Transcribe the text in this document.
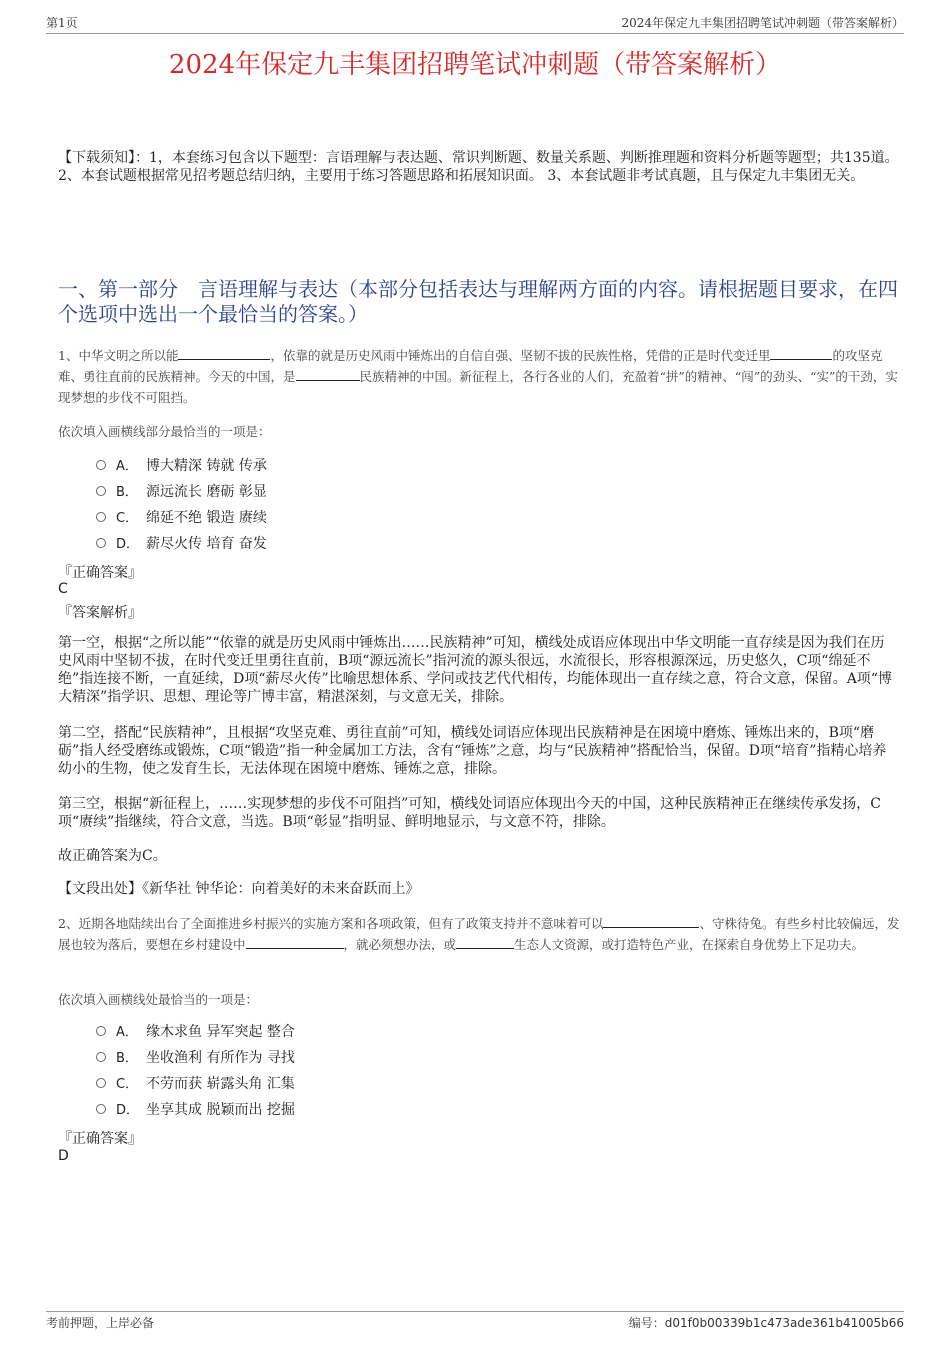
第1页	2024年保定九丰集团招聘笔试冲刺题（带答案解析）
2024年保定九丰集团招聘笔试冲刺题（带答案解析）
【下载须知】：1，本套练习包含以下题型：言语理解与表达题、常识判断题、数量关系题、判断推理题和资料分析题等题型；共135道。 2、本套试题根据常见招考题总结归纳，主要用于练习答题思路和拓展知识面。 3、本套试题非考试真题，且与保定九丰集团无关。
一、第一部分　言语理解与表达（本部分包括表达与理解两方面的内容。请根据题目要求，在四个选项中选出一个最恰当的答案。）
1、中华文明之所以能	，依靠的就是历史风雨中锤炼出的自信自强、坚韧不拔的民族性格，凭借的正是时代变迁里	的攻坚克难、勇往直前的民族精神。今天的中国，是	民族精神的中国。新征程上，各行各业的人们，充盈着“拼”的精神、“闯”的劲头、“实”的干劲，实现梦想的步伐不可阻挡。
依次填入画横线部分最恰当的一项是：
A． 博大精深 铸就 传承
B． 源远流长 磨砺 彰显
C． 绵延不绝 锻造 赓续
D． 薪尽火传 培育 奋发
『正确答案』
C
『答案解析』
第一空，根据“之所以能”“依靠的就是历史风雨中锤炼出……民族精神”可知，横线处成语应体现出中华文明能一直存续是因为我们在历史风雨中坚韧不拔，在时代变迁里勇往直前，B项“源远流长”指河流的源头很远，水流很长，形容根源深远，历史悠久，C项“绵延不绝”指连接不断，一直延续，D项“薪尽火传”比喻思想体系、学问或技艺代代相传，均能体现出一直存续之意，符合文意，保留。A项“博大精深”指学识、思想、理论等广博丰富，精湛深刻，与文意无关，排除。
第二空，搭配“民族精神”，且根据“攻坚克难、勇往直前”可知，横线处词语应体现出民族精神是在困境中磨炼、锤炼出来的，B项“磨砺”指人经受磨练或锻炼，C项“锻造”指一种金属加工方法，含有“锤炼”之意，均与“民族精神”搭配恰当，保留。D项“培育”指精心培养幼小的生物，使之发育生长，无法体现在困境中磨炼、锤炼之意，排除。
第三空，根据“新征程上，……实现梦想的步伐不可阻挡”可知，横线处词语应体现出今天的中国，这种民族精神正在继续传承发扬，C项“赓续”指继续，符合文意，当选。B项“彰显”指明显、鲜明地显示，与文意不符，排除。
故正确答案为C。
【文段出处】《新华社 钟华论：向着美好的未来奋跃而上》
2、近期各地陆续出台了全面推进乡村振兴的实施方案和各项政策，但有了政策支持并不意味着可以	、守株待兔。有些乡村比较偏远，发展也较为落后，要想在乡村建设中	，就必须想办法，或	生态人文资源，或打造特色产业，在探索自身优势上下足功夫。
依次填入画横线处最恰当的一项是：
A． 缘木求鱼 异军突起 整合
B． 坐收渔利 有所作为 寻找
C． 不劳而获 崭露头角 汇集
D． 坐享其成 脱颖而出 挖掘
『正确答案』
D
考前押题，上岸必备	编号：d01f0b00339b1c473ade361b41005b66
